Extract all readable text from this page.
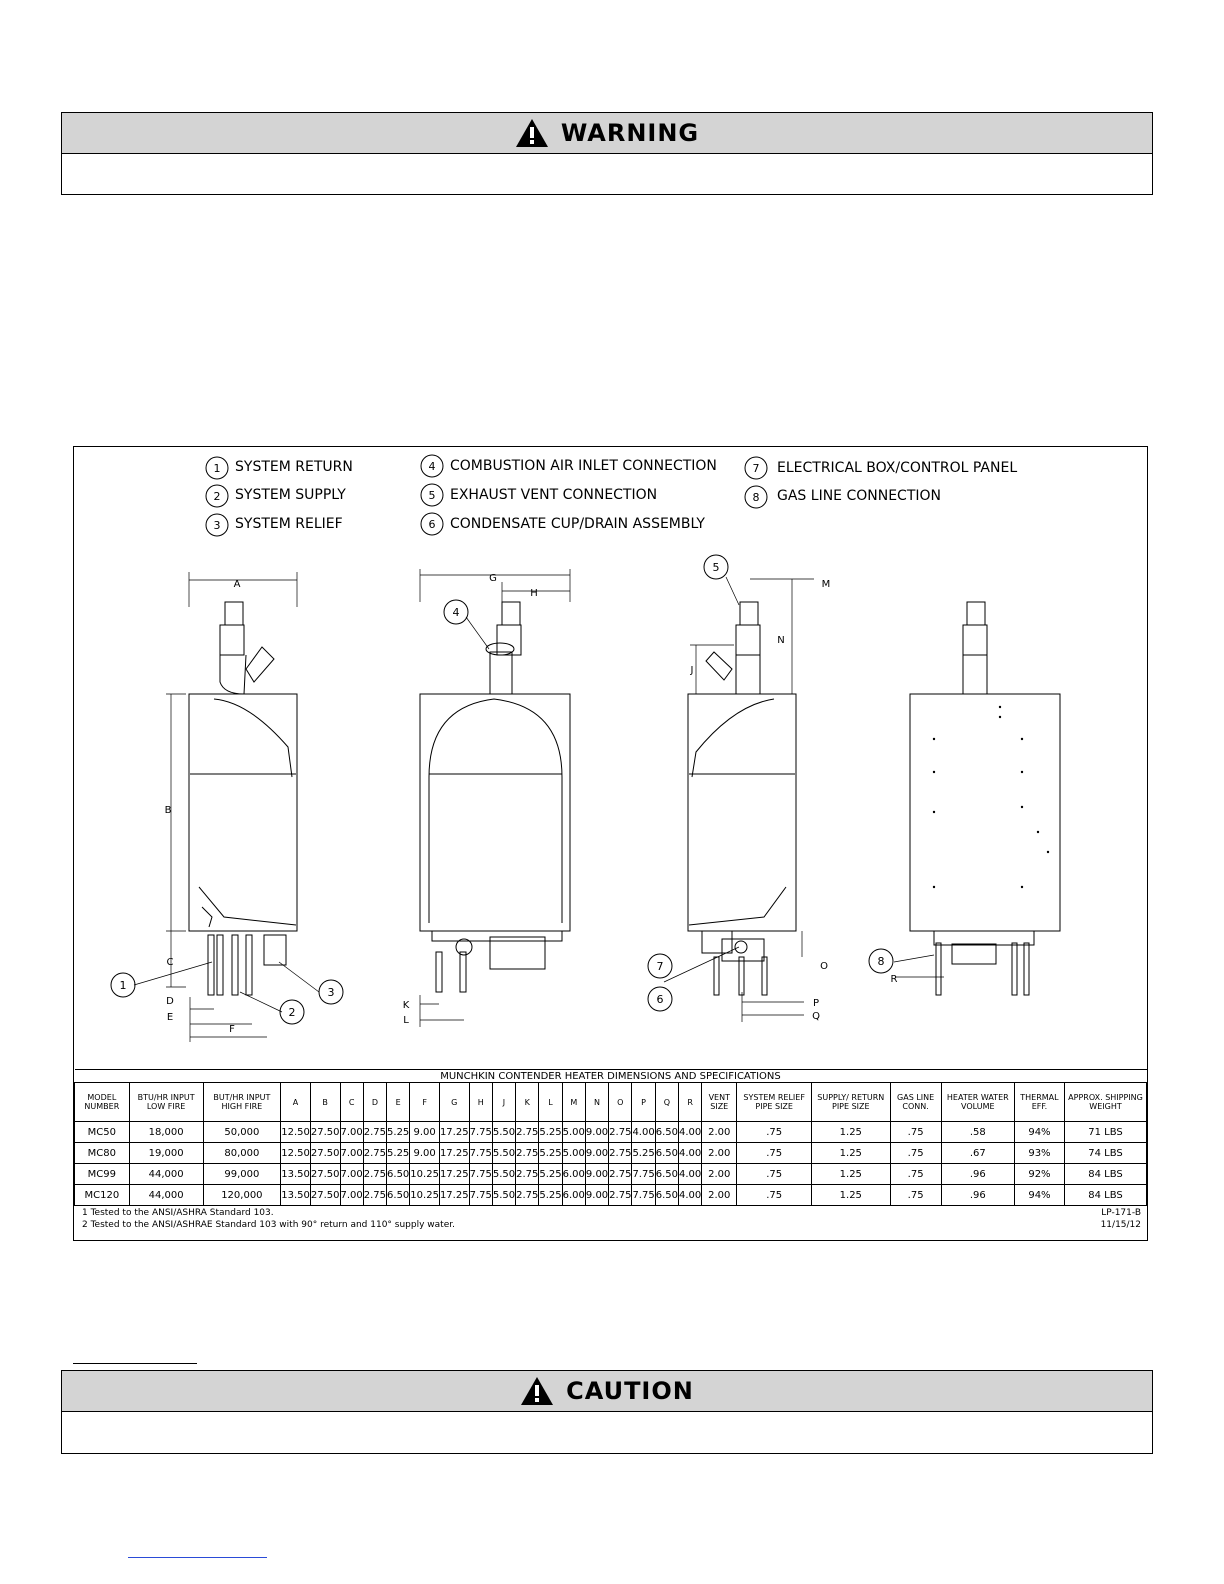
WARNING
1
2
3
4
5
6
7
8
SYSTEM RETURN
SYSTEM SUPPLY
SYSTEM RELIEF
COMBUSTION AIR INLET CONNECTION
EXHAUST VENT CONNECTION
CONDENSATE CUP/DRAIN ASSEMBLY
ELECTRICAL BOX/CONTROL PANEL
GAS LINE CONNECTION
1
2
3
A
B
C
D
E
F
4
G
H
K
L
5
7
6
M
N
J
O
P
Q
8
R
MUNCHKIN CONTENDER HEATER DIMENSIONS AND SPECIFICATIONS																										
MODEL NUMBER	BTU/HR INPUT LOW FIRE	BUT/HR INPUT HIGH FIRE	A	B	C	D	E	F	G	H	J	K	L	M	N	O	P	Q	R	VENT SIZE	SYSTEM RELIEF PIPE SIZE	SUPPLY/ RETURN PIPE SIZE	GAS LINE CONN.	HEATER WATER VOLUME	THERMAL EFF.	APPROX. SHIPPING WEIGHT
MC50	18,000	50,000	12.50	27.50	7.00	2.75	5.25	9.00	17.25	7.75	5.50	2.75	5.25	5.00	9.00	2.75	4.00	6.50	4.00	2.00	.75	1.25	.75	.58	94%	71 LBS
MC80	19,000	80,000	12.50	27.50	7.00	2.75	5.25	9.00	17.25	7.75	5.50	2.75	5.25	5.00	9.00	2.75	5.25	6.50	4.00	2.00	.75	1.25	.75	.67	93%	74 LBS
MC99	44,000	99,000	13.50	27.50	7.00	2.75	6.50	10.25	17.25	7.75	5.50	2.75	5.25	6.00	9.00	2.75	7.75	6.50	4.00	2.00	.75	1.25	.75	.96	92%	84 LBS
MC120	44,000	120,000	13.50	27.50	7.00	2.75	6.50	10.25	17.25	7.75	5.50	2.75	5.25	6.00	9.00	2.75	7.75	6.50	4.00	2.00	.75	1.25	.75	.96	94%	84 LBS
1 Tested to the ANSI/ASHRA Standard 103.
2 Tested to the ANSI/ASHRAE Standard 103 with 90° return and 110° supply water.
LP-171-B
11/15/12
CAUTION
